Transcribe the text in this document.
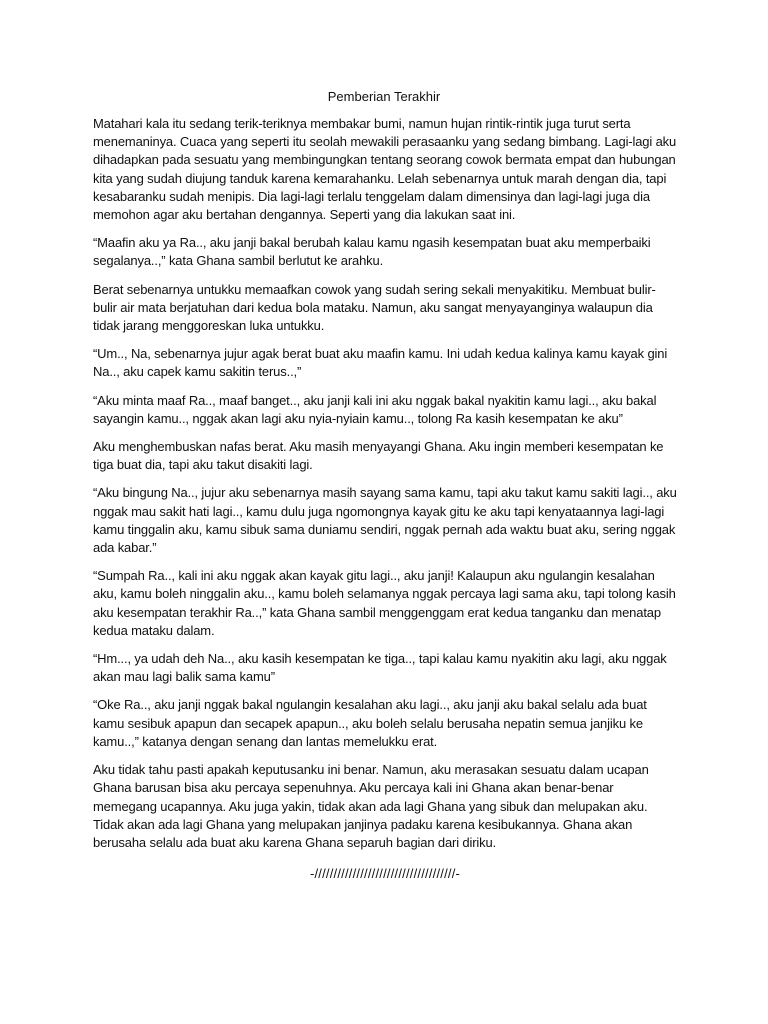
Pemberian Terakhir

Matahari kala itu sedang terik-teriknya membakar bumi, namun hujan rintik-rintik juga turut serta menemaninya. Cuaca yang seperti itu seolah mewakili perasaanku yang sedang bimbang. Lagi-lagi aku dihadapkan pada sesuatu yang membingungkan tentang seorang cowok bermata empat dan hubungan kita yang sudah diujung tanduk karena kemarahanku. Lelah sebenarnya untuk marah dengan dia, tapi kesabaranku sudah menipis. Dia lagi-lagi terlalu tenggelam dalam dimensinya dan lagi-lagi juga dia memohon agar aku bertahan dengannya. Seperti yang dia lakukan saat ini.

“Maafin aku ya Ra.., aku janji bakal berubah kalau kamu ngasih kesempatan buat aku memperbaiki segalanya..,” kata Ghana sambil berlutut ke arahku.

Berat sebenarnya untukku memaafkan cowok yang sudah sering sekali menyakitiku. Membuat bulir-bulir air mata berjatuhan dari kedua bola mataku. Namun, aku sangat menyayanginya walaupun dia tidak jarang menggoreskan luka untukku.

“Um.., Na, sebenarnya jujur agak berat buat aku maafin kamu. Ini udah kedua kalinya kamu kayak gini Na.., aku capek kamu sakitin terus..,”

“Aku minta maaf Ra.., maaf banget.., aku janji kali ini aku nggak bakal nyakitin kamu lagi.., aku bakal sayangin kamu.., nggak akan lagi aku nyia-nyiain kamu.., tolong Ra kasih kesempatan ke aku”

Aku menghembuskan nafas berat. Aku masih menyayangi Ghana. Aku ingin memberi kesempatan ke tiga buat dia, tapi aku takut disakiti lagi.

“Aku bingung Na.., jujur aku sebenarnya masih sayang sama kamu, tapi aku takut kamu sakiti lagi.., aku nggak mau sakit hati lagi.., kamu dulu juga ngomongnya kayak gitu ke aku tapi kenyataannya lagi-lagi kamu tinggalin aku, kamu sibuk sama duniamu sendiri, nggak pernah ada waktu buat aku, sering nggak ada kabar.”

“Sumpah Ra.., kali ini aku nggak akan kayak gitu lagi.., aku janji! Kalaupun aku ngulangin kesalahan aku, kamu boleh ninggalin aku.., kamu boleh selamanya nggak percaya lagi sama aku, tapi tolong kasih aku kesempatan terakhir Ra..,” kata Ghana sambil menggenggam erat kedua tanganku dan menatap kedua mataku dalam.

“Hm..., ya udah deh Na.., aku kasih kesempatan ke tiga.., tapi kalau kamu nyakitin aku lagi, aku nggak akan mau lagi balik sama kamu”

“Oke Ra.., aku janji nggak bakal ngulangin kesalahan aku lagi.., aku janji aku bakal selalu ada buat kamu sesibuk apapun dan secapek apapun.., aku boleh selalu berusaha nepatin semua janjiku ke kamu..,” katanya dengan senang dan lantas memelukku erat.

Aku tidak tahu pasti apakah keputusanku ini benar. Namun, aku merasakan sesuatu dalam ucapan Ghana barusan bisa aku percaya sepenuhnya. Aku percaya kali ini Ghana akan benar-benar memegang ucapannya. Aku juga yakin, tidak akan ada lagi Ghana yang sibuk dan melupakan aku. Tidak akan ada lagi Ghana yang melupakan janjinya padaku karena kesibukannya. Ghana akan berusaha selalu ada buat aku karena Ghana separuh bagian dari diriku.

-/////////////////////////////////////-
